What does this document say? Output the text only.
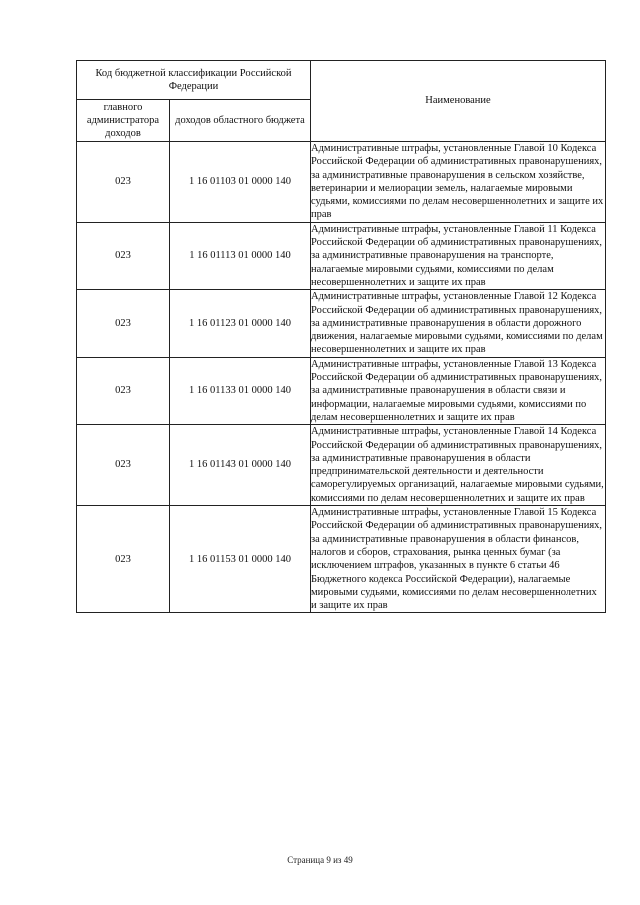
Код бюджетной классификации Российской Федерации		Наименование
главного администратора доходов	доходов областного бюджета	
023	1 16 01103 01 0000 140	Административные штрафы, установленные Главой 10 Кодекса Российской Федерации об административных правонарушениях, за административные правонарушения в сельском хозяйстве, ветеринарии и мелиорации земель, налагаемые мировыми судьями, комиссиями по делам несовершеннолетних и защите их прав
023	1 16 01113 01 0000 140	Административные штрафы, установленные Главой 11 Кодекса Российской Федерации об административных правонарушениях, за административные правонарушения на транспорте, налагаемые мировыми судьями, комиссиями по делам несовершеннолетних и защите их прав
023	1 16 01123 01 0000 140	Административные штрафы, установленные Главой 12 Кодекса Российской Федерации об административных правонарушениях, за административные правонарушения в области дорожного движения, налагаемые мировыми судьями, комиссиями по делам несовершеннолетних и защите их прав
023	1 16 01133 01 0000 140	Административные штрафы, установленные Главой 13 Кодекса Российской Федерации об административных правонарушениях, за административные правонарушения в области связи и информации, налагаемые мировыми судьями, комиссиями по делам несовершеннолетних и защите их прав
023	1 16 01143 01 0000 140	Административные штрафы, установленные Главой 14 Кодекса Российской Федерации об административных правонарушениях, за административные правонарушения в области предпринимательской деятельности и деятельности саморегулируемых организаций, налагаемые мировыми судьями, комиссиями по делам несовершеннолетних и защите их прав
023	1 16 01153 01 0000 140	Административные штрафы, установленные Главой 15 Кодекса Российской Федерации об административных правонарушениях, за административные правонарушения в области финансов, налогов и сборов, страхования, рынка ценных бумаг (за исключением штрафов, указанных в пункте 6 статьи 46 Бюджетного кодекса Российской Федерации), налагаемые мировыми судьями, комиссиями по делам несовершеннолетних и защите их прав
Страница 9 из 49
